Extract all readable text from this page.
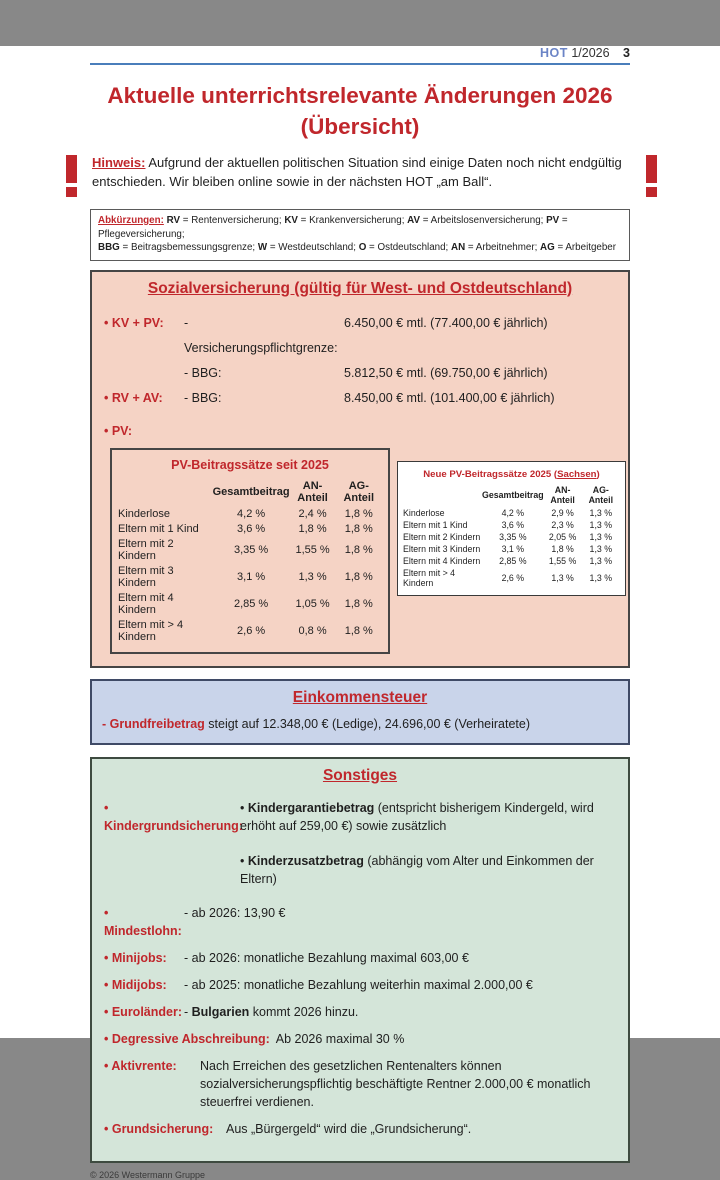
HOT 1/2026 3
Aktuelle unterrichtsrelevante Änderungen 2026
(Übersicht)
Hinweis: Aufgrund der aktuellen politischen Situation sind einige Daten noch nicht endgültig entschieden. Wir bleiben online sowie in der nächsten HOT „am Ball“.
Abkürzungen: RV = Rentenversicherung; KV = Krankenversicherung; AV = Arbeitslosenversicherung; PV = Pflegeversicherung;
BBG = Beitragsbemessungsgrenze; W = Westdeutschland; O = Ostdeutschland; AN = Arbeitnehmer; AG = Arbeitgeber
Sozialversicherung (gültig für West- und Ostdeutschland)
• KV + PV:	- Versicherungspflichtgrenze:
6.450,00 € mtl. (77.400,00 € jährlich)
- BBG:	5.812,50 € mtl. (69.750,00 € jährlich)
• RV + AV:	- BBG:	8.450,00 € mtl. (101.400,00 € jährlich)
• PV:
PV-Beitragssätze seit 2025
	Gesamtbeitrag	AN-Anteil	AG-Anteil
Kinderlose	4,2 %	2,4 %	1,8 %
Eltern mit 1 Kind	3,6 %	1,8 %	1,8 %
Eltern mit 2 Kindern	3,35 %	1,55 %	1,8 %
Eltern mit 3 Kindern	3,1 %	1,3 %	1,8 %
Eltern mit 4 Kindern	2,85 %	1,05 %	1,8 %
Eltern mit > 4 Kindern	2,6 %	0,8 %	1,8 %
Neue PV-Beitragssätze 2025 (Sachsen)
	Gesamtbeitrag	AN-Anteil	AG-Anteil
Kinderlose	4,2 %	2,9 %	1,3 %
Eltern mit 1 Kind	3,6 %	2,3 %	1,3 %
Eltern mit 2 Kindern	3,35 %	2,05 %	1,3 %
Eltern mit 3 Kindern	3,1 %	1,8 %	1,3 %
Eltern mit 4 Kindern	2,85 %	1,55 %	1,3 %
Eltern mit > 4 Kindern	2,6 %	1,3 %	1,3 %
Einkommensteuer
- Grundfreibetrag steigt auf 12.348,00 € (Ledige), 24.696,00 € (Verheiratete)
Sonstiges
• Kindergrundsicherung:
• Kindergarantiebetrag (entspricht bisherigem Kindergeld, wird erhöht auf 259,00 €) sowie zusätzlich
• Kinderzusatzbetrag (abhängig vom Alter und Einkommen der Eltern)
• Mindestlohn:
- ab 2026: 13,90 €
• Minijobs:	- ab 2026: monatliche Bezahlung maximal 603,00 €
• Midijobs:	- ab 2025: monatliche Bezahlung weiterhin maximal 2.000,00 €
• Euroländer: - Bulgarien kommt 2026 hinzu.
• Degressive Abschreibung: Ab 2026 maximal 30 %
• Aktivrente:	Nach Erreichen des gesetzlichen Rentenalters können sozialversicherungspflichtig beschäftigte Rentner 2.000,00 € monatlich steuerfrei verdienen.
• Grundsicherung:	Aus „Bürgergeld“ wird die „Grundsicherung“.
© 2026 Westermann Gruppe
